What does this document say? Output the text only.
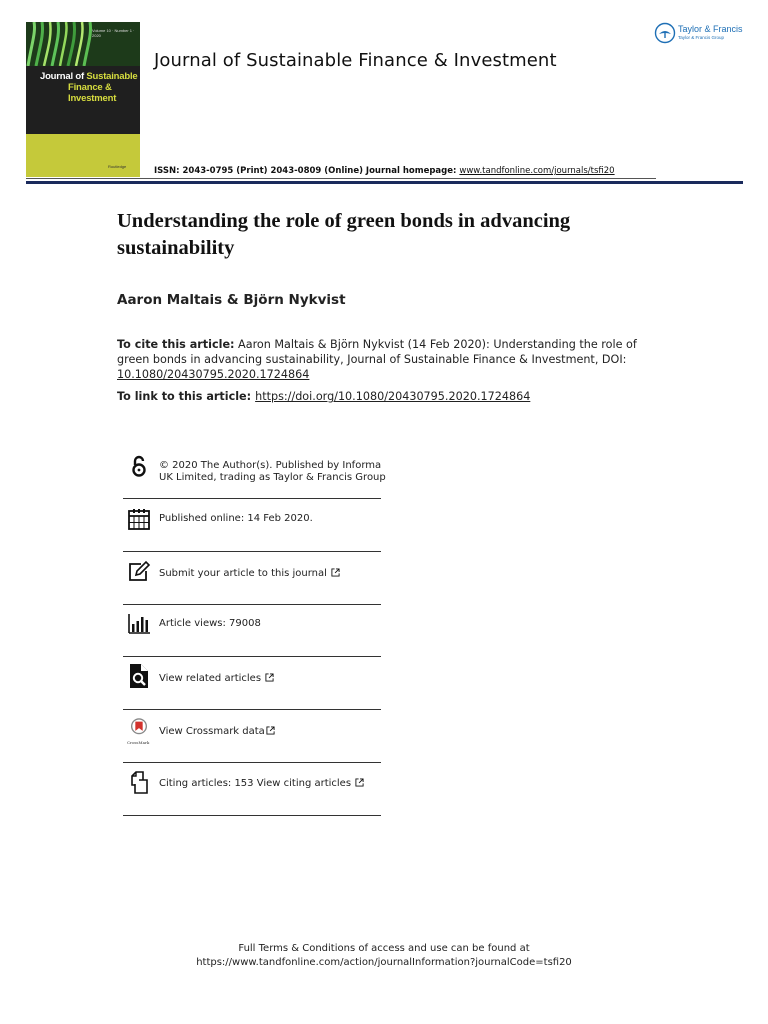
Volume 10 · Number 1 · 2020
Journal of Sustainable
Finance &
Investment
Routledge
Journal of Sustainable Finance & Investment
Taylor & Francis
Taylor & Francis Group
ISSN: 2043-0795 (Print) 2043-0809 (Online) Journal homepage: www.tandfonline.com/journals/tsfi20
Understanding the role of green bonds in advancing sustainability
Aaron Maltais & Björn Nykvist
To cite this article: Aaron Maltais & Björn Nykvist (14 Feb 2020): Understanding the role of green bonds in advancing sustainability, Journal of Sustainable Finance & Investment, DOI: 10.1080/20430795.2020.1724864
To link to this article: https://doi.org/10.1080/20430795.2020.1724864
© 2020 The Author(s). Published by Informa UK Limited, trading as Taylor & Francis Group
Published online: 14 Feb 2020.
Submit your article to this journal
Article views: 79008
View related articles
CrossMark
View Crossmark data
Citing articles: 153 View citing articles
Full Terms & Conditions of access and use can be found at
https://www.tandfonline.com/action/journalInformation?journalCode=tsfi20
